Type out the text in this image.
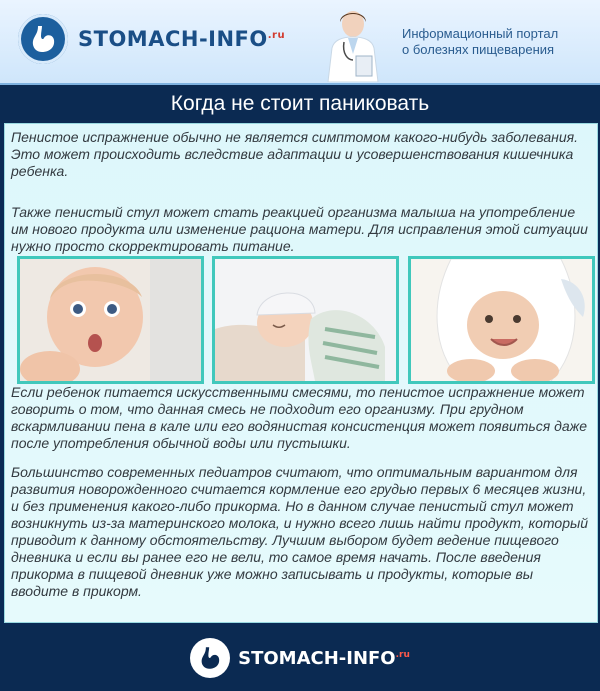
STOMACH-$INFO^{.ru}$	Информационный портал
о болезнях пищеварения
Когда не стоит паниковать

Пенистое испражнение обычно не является симптомом какого-нибудь заболевания. Это может происходить вследствие адаптации и усовершенствования кишечника ребенка.

Также пенистый стул может стать реакцией организма малыша на употребление им нового продукта или изменение рациона матери. Для исправления этой ситуации нужно просто скорректировать питание.

Если ребенок питается искусственными смесями, то пенистое испражнение может говорить о том, что данная смесь не подходит его организму. При грудном вскармливании пена в кале или его водянистая консистенция может появиться даже после употребления обычной воды или пустышки.

Большинство современных педиатров считают, что оптимальным вариантом для развития новорожденного считается кормление его грудью первых 6 месяцев жизни, и без применения какого-либо прикорма. Но в данном случае пенистый стул может возникнуть из-за материнского молока, и нужно всего лишь найти продукт, который приводит к данному обстоятельству. Лучшим выбором будет ведение пищевого дневника и если вы ранее его не вели, то самое время начать. После введения прикорма в пищевой дневник уже можно записывать и продукты, которые вы вводите в прикорм.

STOMACH-$INFO^{.ru}$
